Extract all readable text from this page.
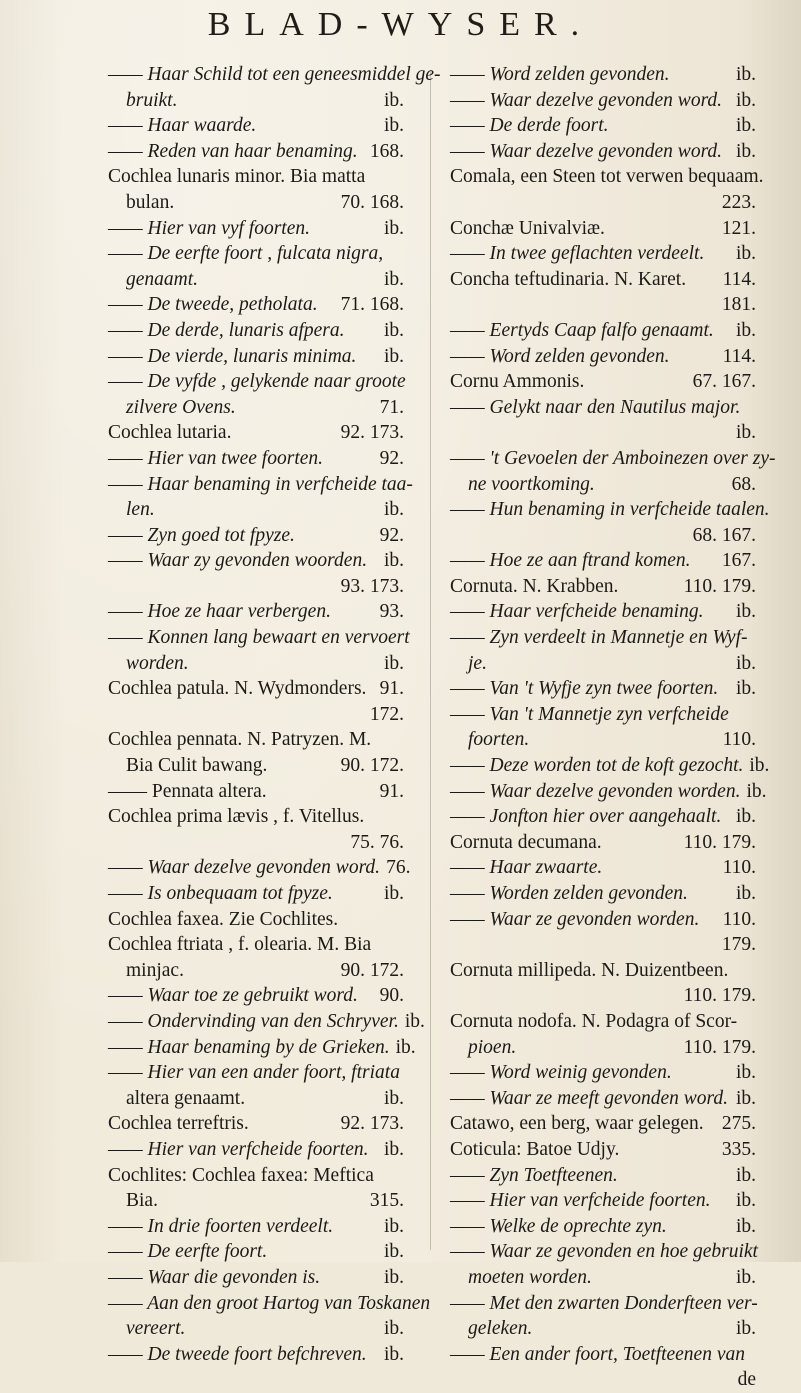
BLAD-WYSER.
—— Haar Schild tot een geneesmiddel ge-
bruikt.	ib.
—— Haar waarde.	ib.
—— Reden van haar benaming. 168.
Cochlea lunaris minor. Bia matta
bulan.	70. 168.
—— Hier van vyf foorten.	ib.
—— De eerfte foort , fulcata nigra,
genaamt.	ib.
—— De tweede, petholata.	71. 168.
—— De derde, lunaris afpera.	ib.
—— De vierde, lunaris minima.	ib.
—— De vyfde , gelykende naar groote
zilvere Ovens.	71.
Cochlea lutaria.	92. 173.
—— Hier van twee foorten.	92.
—— Haar benaming in verfcheide taa-
len.	ib.
—— Zyn goed tot fpyze.	92.
—— Waar zy gevonden woorden. ib.
93. 173.
—— Hoe ze haar verbergen.	93.
—— Konnen lang bewaart en vervoert
worden.	ib.
Cochlea patula. N. Wydmonders. 91.
172.
Cochlea pennata. N. Patryzen. M.
Bia Culit bawang.	90. 172.
—— Pennata altera.	91.
Cochlea prima lævis , f. Vitellus.
75. 76.
—— Waar dezelve gevonden word. 76.
—— Is onbequaam tot fpyze.	ib.
Cochlea faxea. Zie Cochlites.
Cochlea ftriata , f. olearia. M. Bia
minjac.	90. 172.
—— Waar toe ze gebruikt word.	90.
—— Ondervinding van den Schryver. ib.
—— Haar benaming by de Grieken. ib.
—— Hier van een ander foort, ftriata
altera genaamt.	ib.
Cochlea terreftris.	92. 173.
—— Hier van verfcheide foorten. ib.
Cochlites: Cochlea faxea: Meftica
Bia.	315.
—— In drie foorten verdeelt.	ib.
—— De eerfte foort.	ib.
—— Waar die gevonden is.	ib.
—— Aan den groot Hartog van Toskanen
vereert.	ib.
—— De tweede foort befchreven. ib.
—— Word zelden gevonden.	ib.
—— Waar dezelve gevonden word. ib.
—— De derde foort.	ib.
—— Waar dezelve gevonden word. ib.
Comala, een Steen tot verwen bequaam.
223.
Conchæ Univalviæ.	121.
—— In twee geflachten verdeelt.	ib.
Concha teftudinaria. N. Karet.	114.
181.
—— Eertyds Caap falfo genaamt.	ib.
—— Word zelden gevonden.	114.
Cornu Ammonis.	67. 167.
—— Gelykt naar den Nautilus major.
ib.
—— 't Gevoelen der Amboinezen over zy-
ne voortkoming.	68.
—— Hun benaming in verfcheide taalen.
68. 167.
—— Hoe ze aan ftrand komen.	167.
Cornuta. N. Krabben.	110. 179.
—— Haar verfcheide benaming.	ib.
—— Zyn verdeelt in Mannetje en Wyf-
je.	ib.
—— Van 't Wyfje zyn twee foorten. ib.
—— Van 't Mannetje zyn verfcheide
foorten.	110.
—— Deze worden tot de koft gezocht. ib.
—— Waar dezelve gevonden worden. ib.
—— Jonfton hier over aangehaalt. ib.
Cornuta decumana.	110. 179.
—— Haar zwaarte.	110.
—— Worden zelden gevonden.	ib.
—— Waar ze gevonden worden.	110.
179.
Cornuta millipeda. N. Duizentbeen.
110. 179.
Cornuta nodofa. N. Podagra of Scor-
pioen.	110. 179.
—— Word weinig gevonden.	ib.
—— Waar ze meeft gevonden word. ib.
Catawo, een berg, waar gelegen. 275.
Coticula: Batoe Udjy.	335.
—— Zyn Toetfteenen.	ib.
—— Hier van verfcheide foorten.	ib.
—— Welke de oprechte zyn.	ib.
—— Waar ze gevonden en hoe gebruikt
moeten worden.	ib.
—— Met den zwarten Donderfteen ver-
geleken.	ib.
—— Een ander foort, Toetfteenen van
de
